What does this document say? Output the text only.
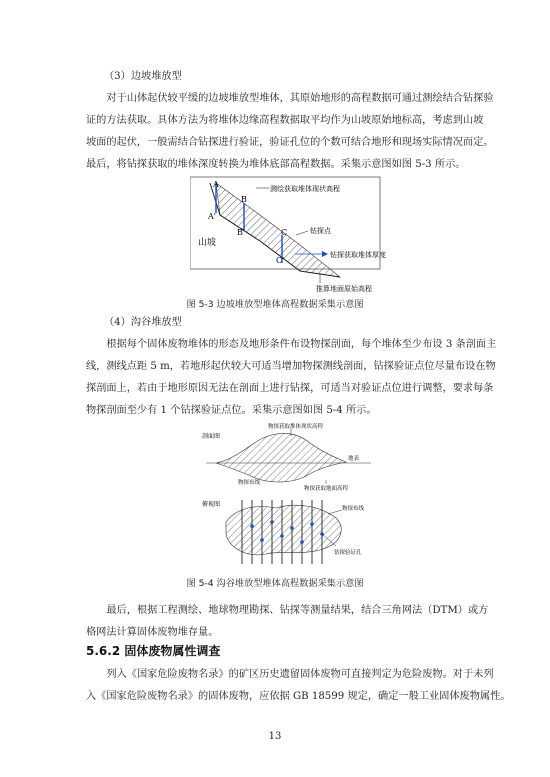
（3）边坡堆放型
对于山体起伏较平缓的边坡堆放型堆体，其原始地形的高程数据可通过测绘结合钻探验
证的方法获取。具体方法为将堆体边缘高程数据取平均作为山坡原始地标高，考虑到山坡
坡面的起伏，一般需结合钻探进行验证，验证孔位的个数可结合地形和现场实际情况而定。
最后，将钻探获取的堆体深度转换为堆体底部高程数据。采集示意图如图 5-3 所示。
A
A'
B
B'	C
C'
测绘获取堆体现状高程
钻探点
钻探获取堆体厚度
推算地面原始高程
山坡
图 5-3 边坡堆放型堆体高程数据采集示意图
（4）沟谷堆放型
根据每个固体废物堆体的形态及地形条件布设物探剖面，每个堆体至少布设 3 条剖面主
线，测线点距 5 m，若地形起伏较大可适当增加物探测线剖面，钻探验证点位尽量布设在物
探剖面上，若由于地形原因无法在剖面上进行钻探，可适当对验证点位进行调整，要求每条
物探剖面至少有 1 个钻探验证点位。采集示意图如图 5-4 所示。
剖面图
物探获取堆体现状高程
地表
物探布线
物探获取地面高程
俯视图
物探布线
钻探验证孔
图 5-4 沟谷堆放型堆体高程数据采集示意图
最后，根据工程测绘、地球物理勘探、钻探等测量结果，结合三角网法（DTM）或方
格网法计算固体废物堆存量。
5.6.2 固体废物属性调查
列入《国家危险废物名录》的矿区历史遗留固体废物可直接判定为危险废物。对于未列
入《国家危险废物名录》的固体废物，应依据 GB 18599 规定，确定一般工业固体废物属性。
13
